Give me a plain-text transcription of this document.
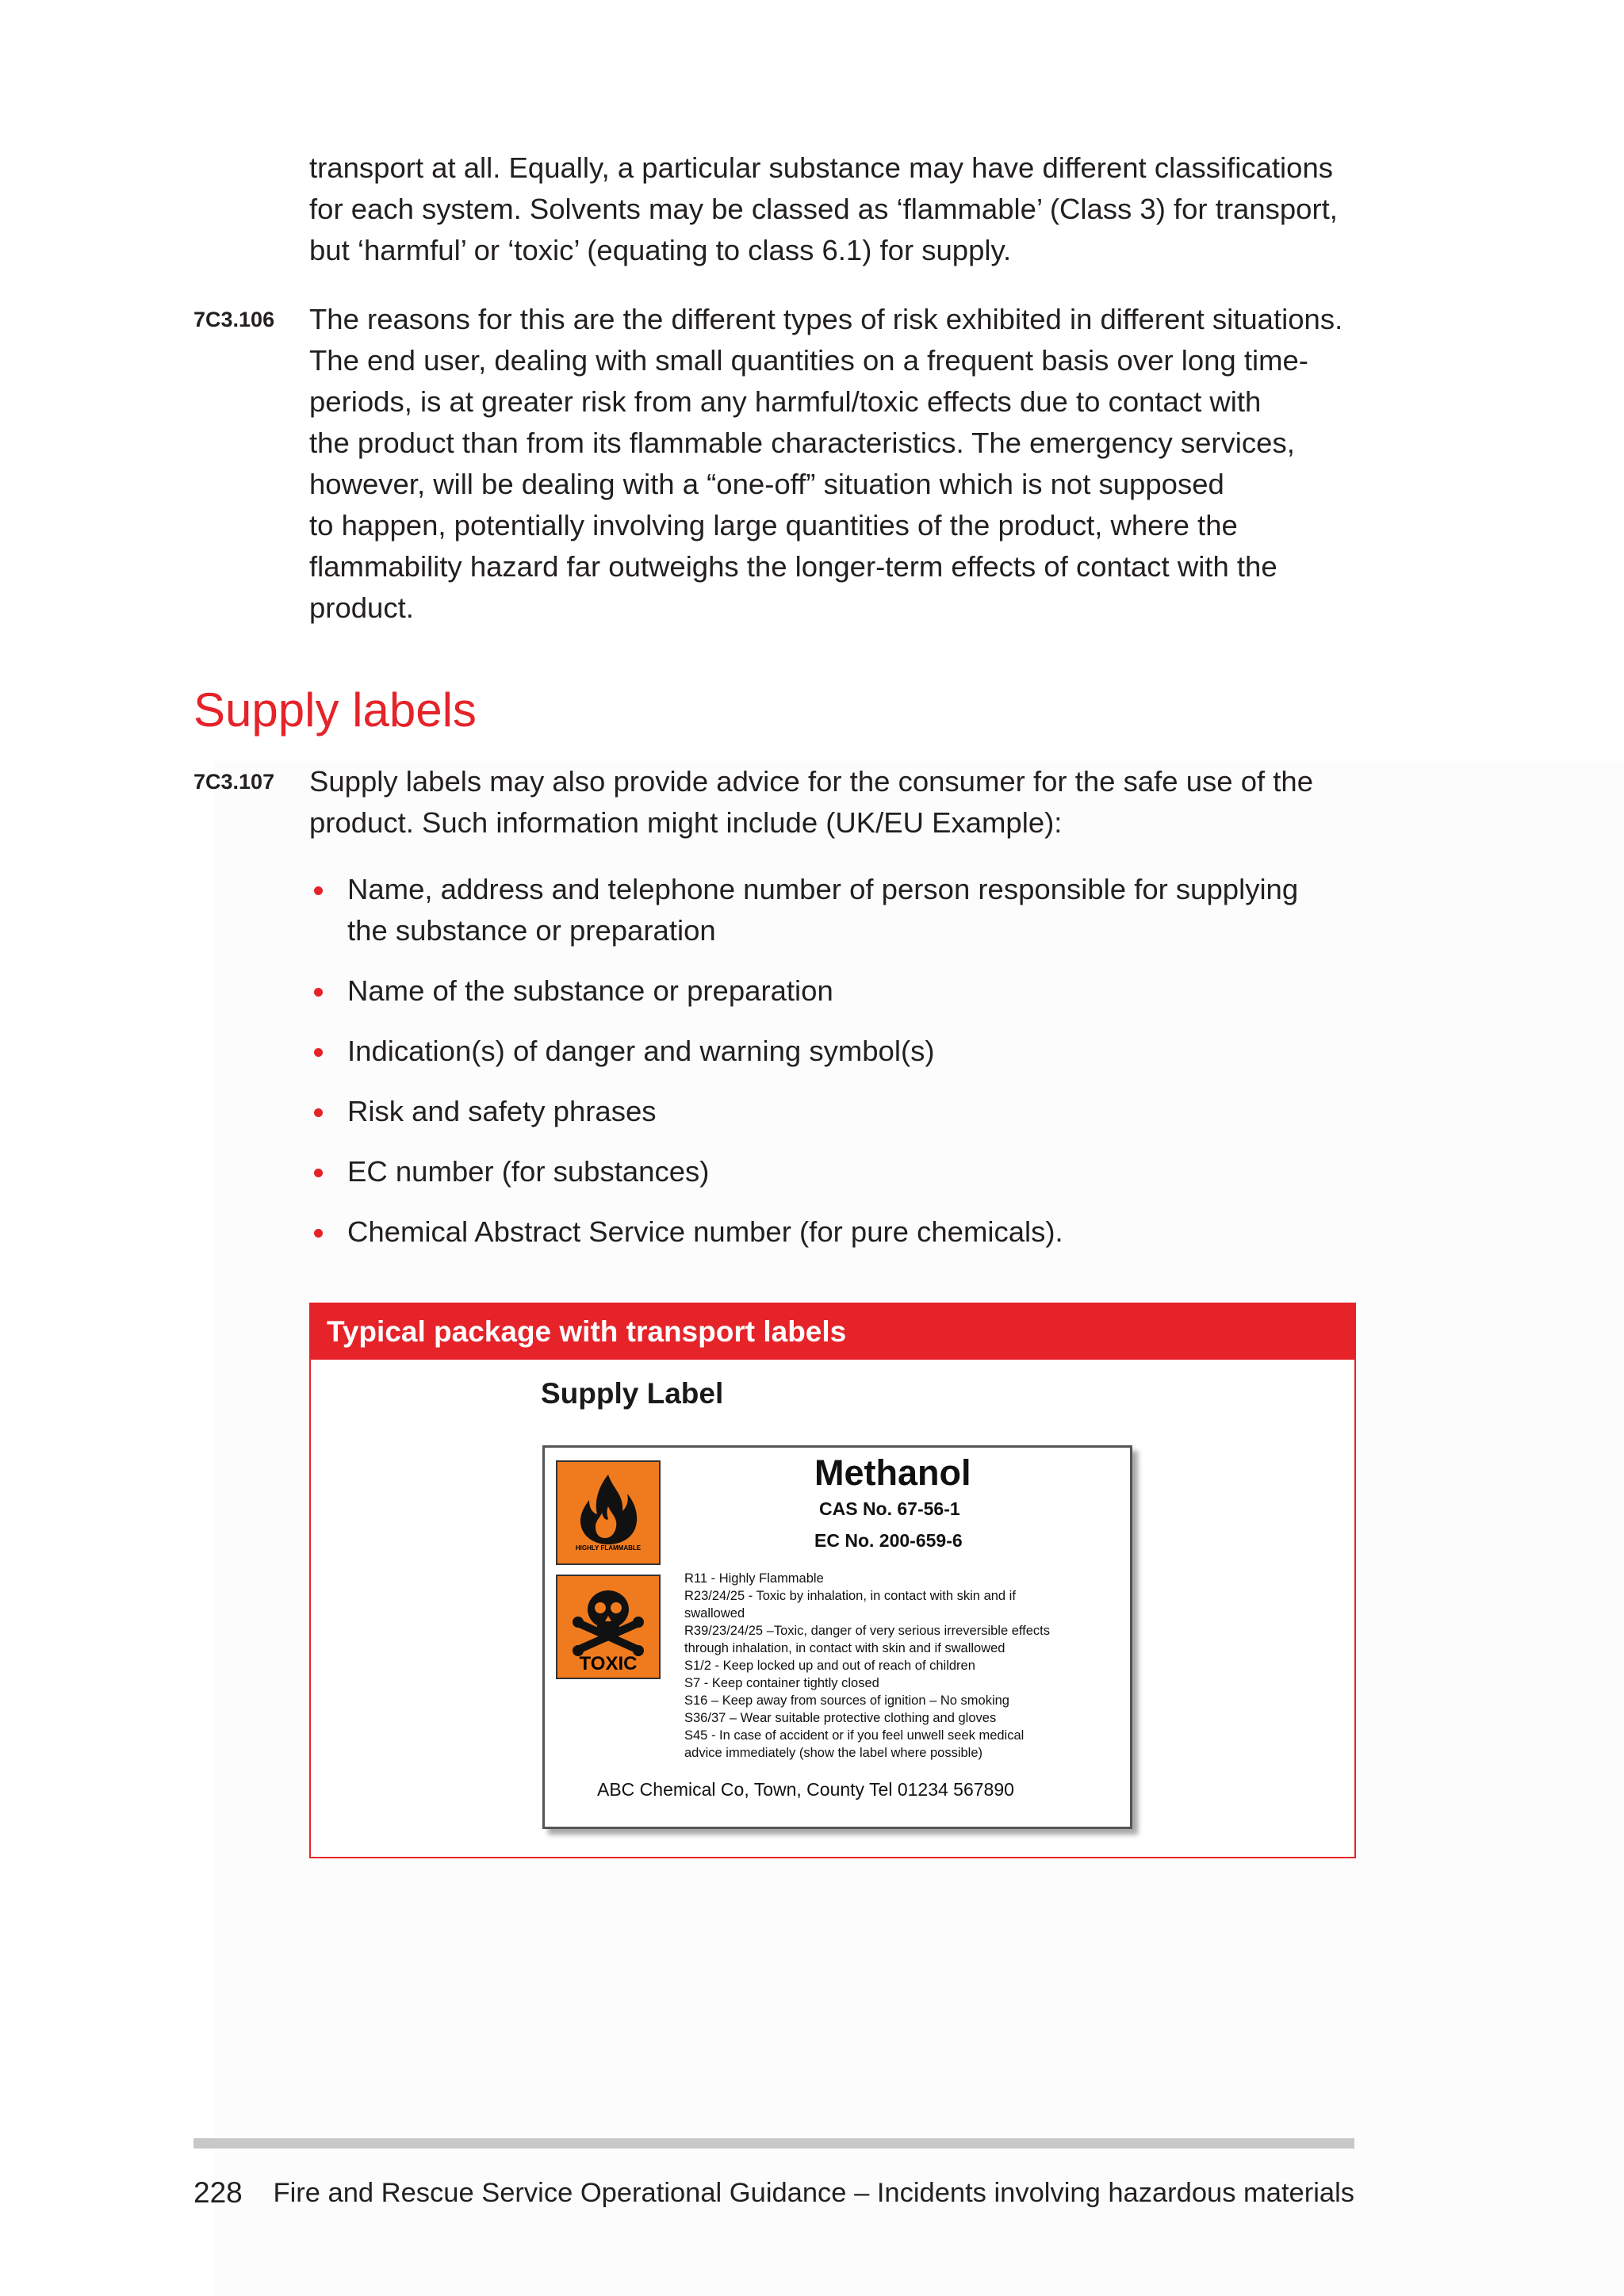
transport at all. Equally, a particular substance may have different classifications
for each system. Solvents may be classed as ‘flammable’ (Class 3) for transport,
but ‘harmful’ or ‘toxic’ (equating to class 6.1) for supply.
7C3.106 The reasons for this are the different types of risk exhibited in different situations.
The end user, dealing with small quantities on a frequent basis over long time-
periods, is at greater risk from any harmful/toxic effects due to contact with
the product than from its flammable characteristics. The emergency services,
however, will be dealing with a “one-off” situation which is not supposed
to happen, potentially involving large quantities of the product, where the
flammability hazard far outweighs the longer-term effects of contact with the
product.
Supply labels
7C3.107 Supply labels may also provide advice for the consumer for the safe use of the
product. Such information might include (UK/EU Example):
Name, address and telephone number of person responsible for supplying the substance or preparation
Name of the substance or preparation
Indication(s) of danger and warning symbol(s)
Risk and safety phrases
EC number (for substances)
Chemical Abstract Service number (for pure chemicals).
Typical package with transport labels
Supply Label
HIGHLY FLAMMABLE
TOXIC
Methanol
CAS No. 67-56-1
EC No. 200-659-6
R11 - Highly Flammable
R23/24/25 - Toxic by inhalation, in contact with skin and if
swallowed
R39/23/24/25 –Toxic, danger of very serious irreversible effects
through inhalation, in contact with skin and if swallowed
S1/2 - Keep locked up and out of reach of children
S7 - Keep container tightly closed
S16 – Keep away from sources of ignition – No smoking
S36/37 – Wear suitable protective clothing and gloves
S45 - In case of accident or if you feel unwell seek medical
advice immediately (show the label where possible)
ABC Chemical Co, Town, County Tel 01234 567890
228 Fire and Rescue Service Operational Guidance – Incidents involving hazardous materials
